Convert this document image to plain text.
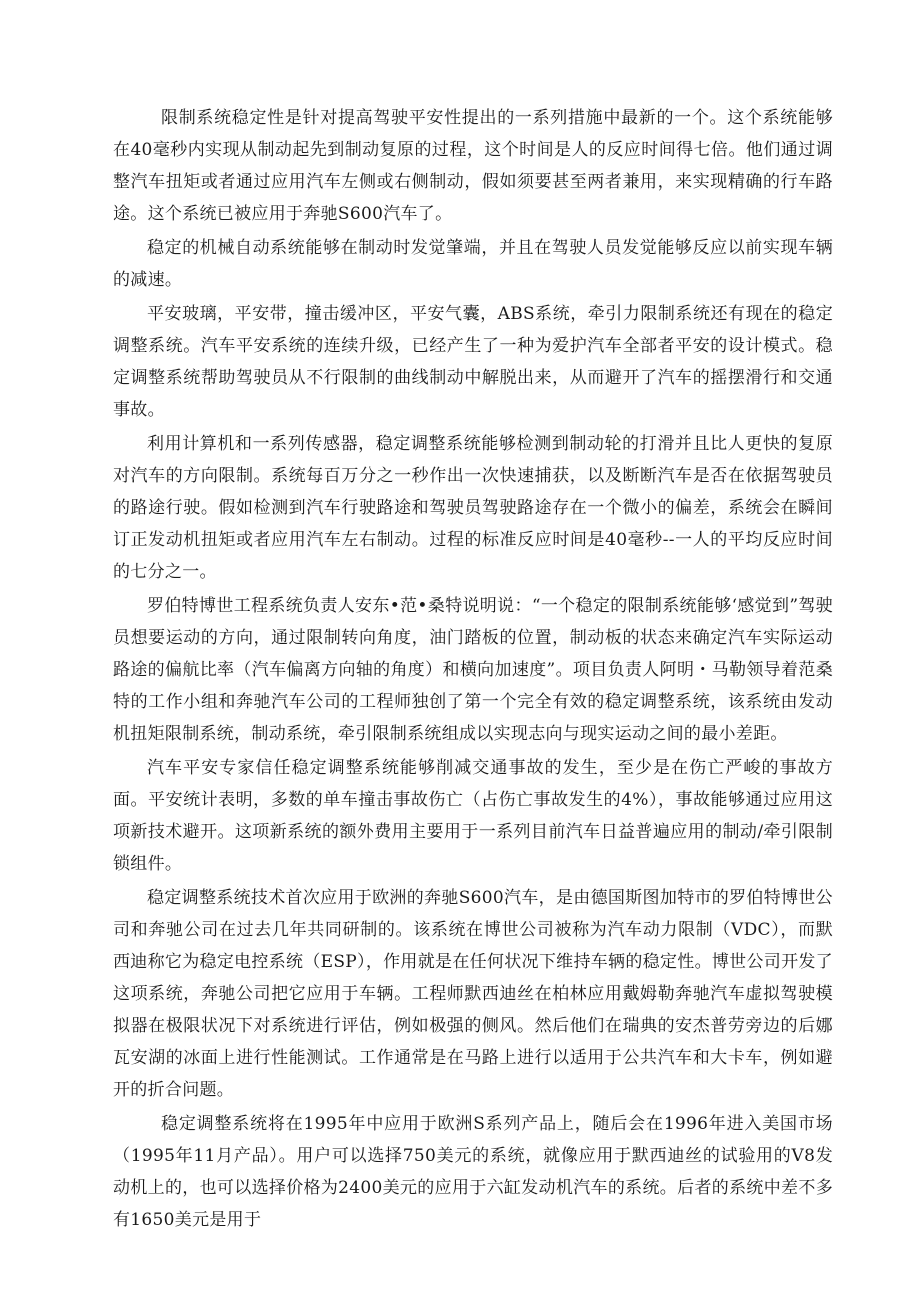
限制系统稳定性是针对提高驾驶平安性提出的一系列措施中最新的一个。这个系统能够在40毫秒内实现从制动起先到制动复原的过程，这个时间是人的反应时间得七倍。他们通过调整汽车扭矩或者通过应用汽车左侧或右侧制动，假如须要甚至两者兼用，来实现精确的行车路途。这个系统已被应用于奔驰S600汽车了。

稳定的机械自动系统能够在制动时发觉肇端，并且在驾驶人员发觉能够反应以前实现车辆的减速。

平安玻璃，平安带，撞击缓冲区，平安气囊，ABS系统，牵引力限制系统还有现在的稳定调整系统。汽车平安系统的连续升级，已经产生了一种为爱护汽车全部者平安的设计模式。稳定调整系统帮助驾驶员从不行限制的曲线制动中解脱出来，从而避开了汽车的摇摆滑行和交通事故。

利用计算机和一系列传感器，稳定调整系统能够检测到制动轮的打滑并且比人更快的复原对汽车的方向限制。系统每百万分之一秒作出一次快速捕获，以及断断汽车是否在依据驾驶员的路途行驶。假如检测到汽车行驶路途和驾驶员驾驶路途存在一个微小的偏差，系统会在瞬间订正发动机扭矩或者应用汽车左右制动。过程的标准反应时间是40毫秒--一人的平均反应时间的七分之一。

罗伯特博世工程系统负责人安东•范•桑特说明说：“一个稳定的限制系统能够‘感觉到”驾驶员想要运动的方向，通过限制转向角度，油门踏板的位置，制动板的状态来确定汽车实际运动路途的偏航比率（汽车偏离方向轴的角度）和横向加速度”。项目负责人阿明・马勒领导着范桑特的工作小组和奔驰汽车公司的工程师独创了第一个完全有效的稳定调整系统，该系统由发动机扭矩限制系统，制动系统，牵引限制系统组成以实现志向与现实运动之间的最小差距。

汽车平安专家信任稳定调整系统能够削减交通事故的发生，至少是在伤亡严峻的事故方面。平安统计表明，多数的单车撞击事故伤亡（占伤亡事故发生的4%），事故能够通过应用这项新技术避开。这项新系统的额外费用主要用于一系列目前汽车日益普遍应用的制动/牵引限制锁组件。

稳定调整系统技术首次应用于欧洲的奔驰S600汽车，是由德国斯图加特市的罗伯特博世公司和奔驰公司在过去几年共同研制的。该系统在博世公司被称为汽车动力限制（VDC），而默西迪称它为稳定电控系统（ESP），作用就是在任何状况下维持车辆的稳定性。博世公司开发了这项系统，奔驰公司把它应用于车辆。工程师默西迪丝在柏林应用戴姆勒奔驰汽车虚拟驾驶模拟器在极限状况下对系统进行评估，例如极强的侧风。然后他们在瑞典的安杰普劳旁边的后娜瓦安湖的冰面上进行性能测试。工作通常是在马路上进行以适用于公共汽车和大卡车，例如避开的折合问题。

稳定调整系统将在1995年中应用于欧洲S系列产品上，随后会在1996年进入美国市场（1995年11月产品）。用户可以选择750美元的系统，就像应用于默西迪丝的试验用的V8发动机上的，也可以选择价格为2400美元的应用于六缸发动机汽车的系统。后者的系统中差不多有1650美元是用于
